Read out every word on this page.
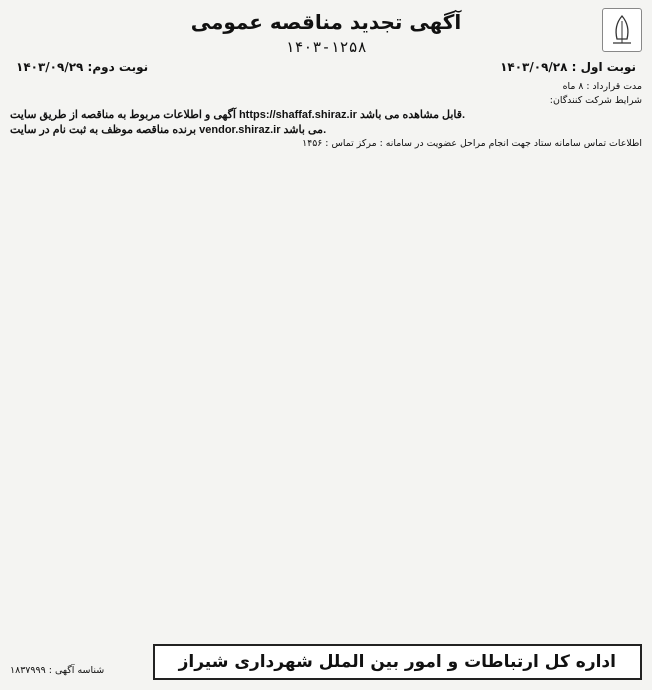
آگهی تجدید مناقصه عمومی
۱۴۰۳-۱۲۵۸
نوبت اول : ۱۴۰۳/۰۹/۲۸
نوبت دوم: ۱۴۰۳/۰۹/۲۹

مدت قرارداد : ۸ ماه

شرایط شرکت کنندگان:

آگهی و اطلاعات مربوط به مناقصه از طریق سایت https://shaffaf.shiraz.ir قابل مشاهده می باشد.

برنده مناقصه موظف به ثبت نام در سایت vendor.shiraz.ir می باشد.

اطلاعات تماس سامانه ستاد جهت انجام مراحل عضویت در سامانه : مرکز تماس : ۱۴۵۶

اداره کل ارتباطات و امور بین الملل شهرداری شیراز
شناسه آگهی : ۱۸۳۷۹۹۹
